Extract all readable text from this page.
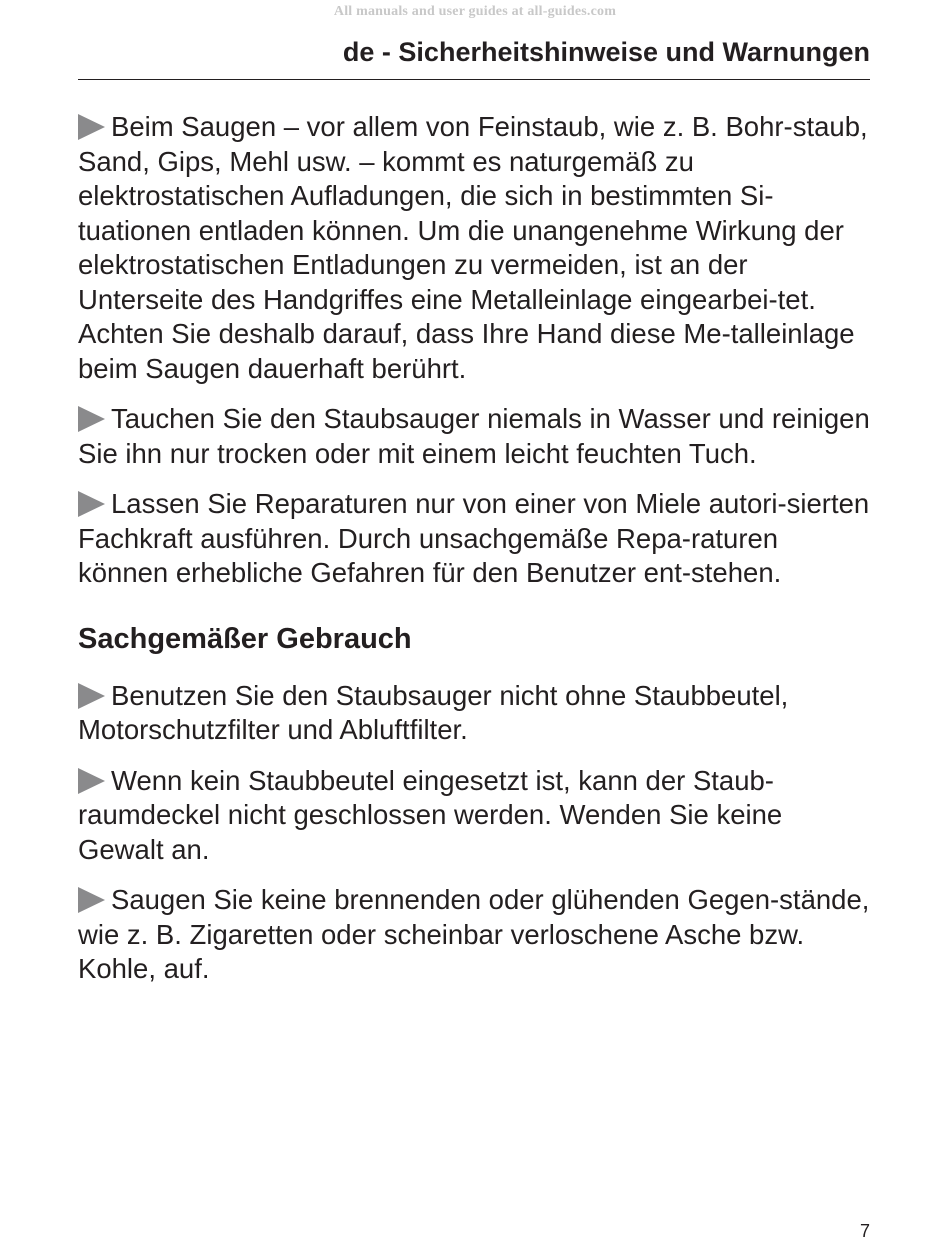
All manuals and user guides at all-guides.com
de - Sicherheitshinweise und Warnungen

Beim Saugen – vor allem von Feinstaub, wie z. B. Bohr-staub, Sand, Gips, Mehl usw. – kommt es naturgemäß zu elektrostatischen Aufladungen, die sich in bestimmten Si-tuationen entladen können. Um die unangenehme Wirkung der elektrostatischen Entladungen zu vermeiden, ist an der Unterseite des Handgriffes eine Metalleinlage eingearbei-tet. Achten Sie deshalb darauf, dass Ihre Hand diese Me-talleinlage beim Saugen dauerhaft berührt.

Tauchen Sie den Staubsauger niemals in Wasser und reinigen Sie ihn nur trocken oder mit einem leicht feuchten Tuch.

Lassen Sie Reparaturen nur von einer von Miele autori-sierten Fachkraft ausführen. Durch unsachgemäße Repa-raturen können erhebliche Gefahren für den Benutzer ent-stehen.

Sachgemäßer Gebrauch

Benutzen Sie den Staubsauger nicht ohne Staubbeutel, Motorschutzfilter und Abluftfilter.

Wenn kein Staubbeutel eingesetzt ist, kann der Staub-raumdeckel nicht geschlossen werden. Wenden Sie keine Gewalt an.

Saugen Sie keine brennenden oder glühenden Gegen-stände, wie z. B. Zigaretten oder scheinbar verloschene Asche bzw. Kohle, auf.

7
